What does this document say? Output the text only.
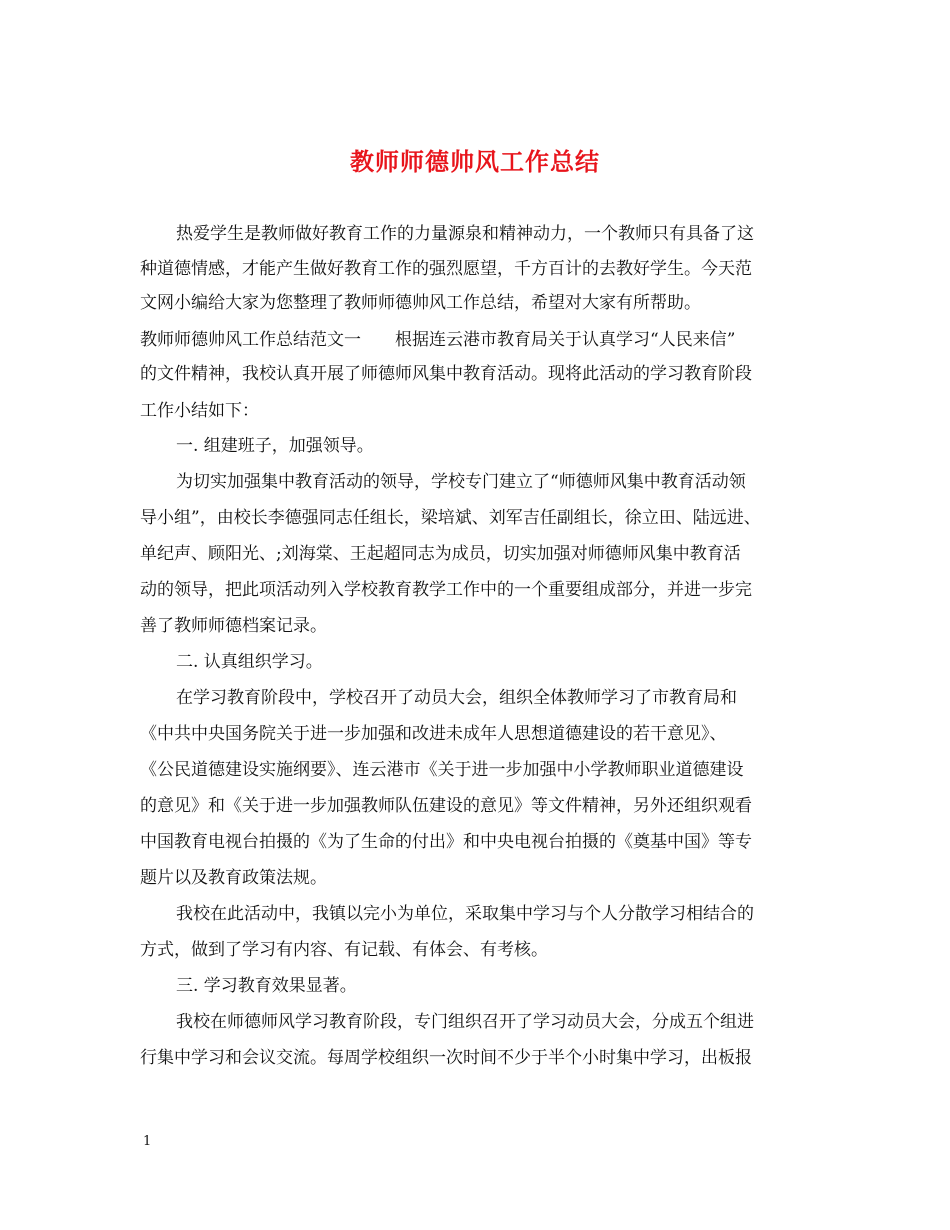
教师师德帅风工作总结
热爱学生是教师做好教育工作的力量源泉和精神动力，一个教师只有具备了这
种道德情感，才能产生做好教育工作的强烈愿望，千方百计的去教好学生。今天范
文网小编给大家为您整理了教师师德帅风工作总结，希望对大家有所帮助。
教师师德帅风工作总结范文一　　根据连云港市教育局关于认真学习“人民来信”
的文件精神，我校认真开展了师德师风集中教育活动。现将此活动的学习教育阶段
工作小结如下：
一. 组建班子，加强领导。
为切实加强集中教育活动的领导，学校专门建立了“师德师风集中教育活动领
导小组”，由校长李德强同志任组长，梁培斌、刘军吉任副组长，徐立田、陆远进、
单纪声、顾阳光、;刘海棠、王起超同志为成员，切实加强对师德师风集中教育活
动的领导，把此项活动列入学校教育教学工作中的一个重要组成部分，并进一步完
善了教师师德档案记录。
二. 认真组织学习。
在学习教育阶段中，学校召开了动员大会，组织全体教师学习了市教育局和
《中共中央国务院关于进一步加强和改进未成年人思想道德建设的若干意见》、
《公民道德建设实施纲要》、连云港市《关于进一步加强中小学教师职业道德建设
的意见》和《关于进一步加强教师队伍建设的意见》等文件精神，另外还组织观看
中国教育电视台拍摄的《为了生命的付出》和中央电视台拍摄的《奠基中国》等专
题片以及教育政策法规。
我校在此活动中，我镇以完小为单位，采取集中学习与个人分散学习相结合的
方式，做到了学习有内容、有记载、有体会、有考核。
三. 学习教育效果显著。
我校在师德师风学习教育阶段，专门组织召开了学习动员大会，分成五个组进
行集中学习和会议交流。每周学校组织一次时间不少于半个小时集中学习，出板报
1
